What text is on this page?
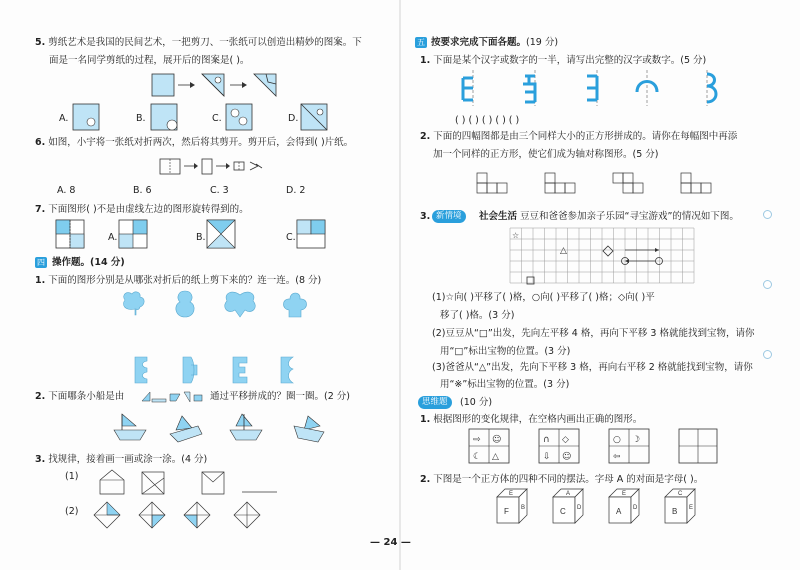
5. 剪纸艺术是我国的民间艺术，一把剪刀、一张纸可以创造出精妙的图案。下
面是一名同学剪纸的过程，展开后的图案是( )。
A.	B.	C.	D.
6. 如图，小宇将一张纸对折两次，然后将其剪开。剪开后，会得到( )片纸。
A. 8	B. 6	C. 3	D. 2
7. 下面图形( )不是由虚线左边的图形旋转得到的。
A.	B.	C.
四 操作题。(14 分)
1. 下面的图形分别是从哪张对折后的纸上剪下来的？连一连。(8 分)
2. 下面哪条小船是由	通过平移拼成的？圈一圈。(2 分)
3. 找规律，接着画一画或涂一涂。(4 分)
(1)
(2)
— 24 —
五 按要求完成下面各题。(19 分)
1. 下面是某个汉字或数字的一半，请写出完整的汉字或数字。(5 分)
( ) ( ) ( ) ( ) ( )
2. 下面的四幅图都是由三个同样大小的正方形拼成的。请你在每幅图中再添
加一个同样的正方形，使它们成为轴对称图形。(5 分)
3. 新情境	社会生活 豆豆和爸爸参加亲子乐园“寻宝游戏”的情况如下图。
☆
△
(1)☆向( )平移了( )格，○向( )平移了( )格；◇向( )平
移了( )格。(3 分)
(2)豆豆从“□”出发，先向左平移 4 格，再向下平移 3 格就能找到宝物，请你
用“□”标出宝物的位置。(3 分)
(3)爸爸从“△”出发，先向下平移 3 格，再向右平移 2 格就能找到宝物，请你
用“※”标出宝物的位置。(3 分)
思维题	(10 分)
1. 根据图形的变化规律，在空格内画出正确的图形。
⇨ ☺
☾ △
∩ ◇
⇩ ☺
○ ☽
⇦
2. 下图是一个正方体的四种不同的摆法。字母 A 的对面是字母( )。
E
F B
A
C D
E
A D
C
B E
